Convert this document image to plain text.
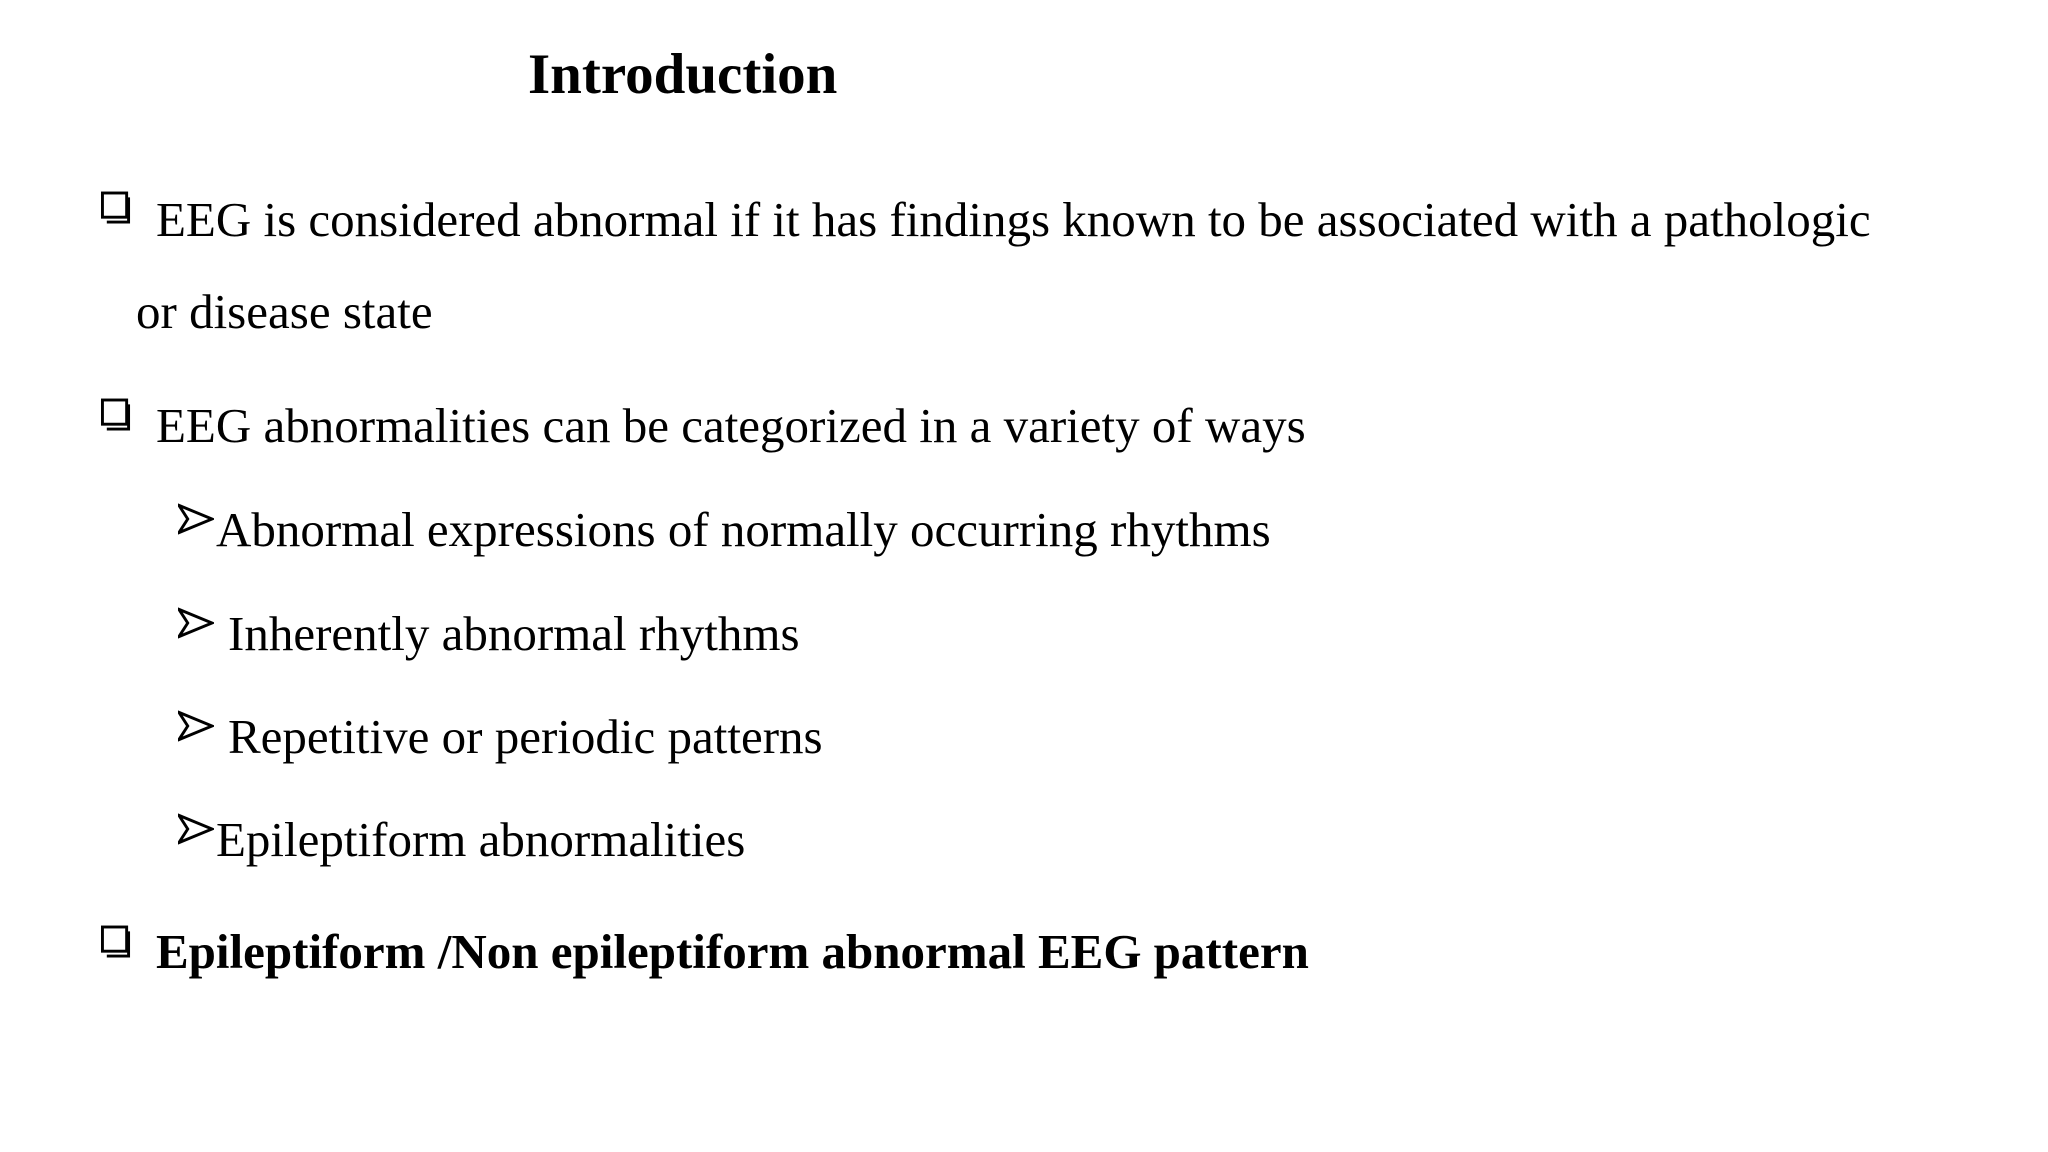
Introduction
EEG is considered abnormal if it has findings known to be associated with a pathologic
or disease state
EEG abnormalities can be categorized in a variety of ways
Abnormal expressions of normally occurring rhythms
Inherently abnormal rhythms
Repetitive or periodic patterns
Epileptiform abnormalities
Epileptiform /Non epileptiform abnormal EEG pattern
